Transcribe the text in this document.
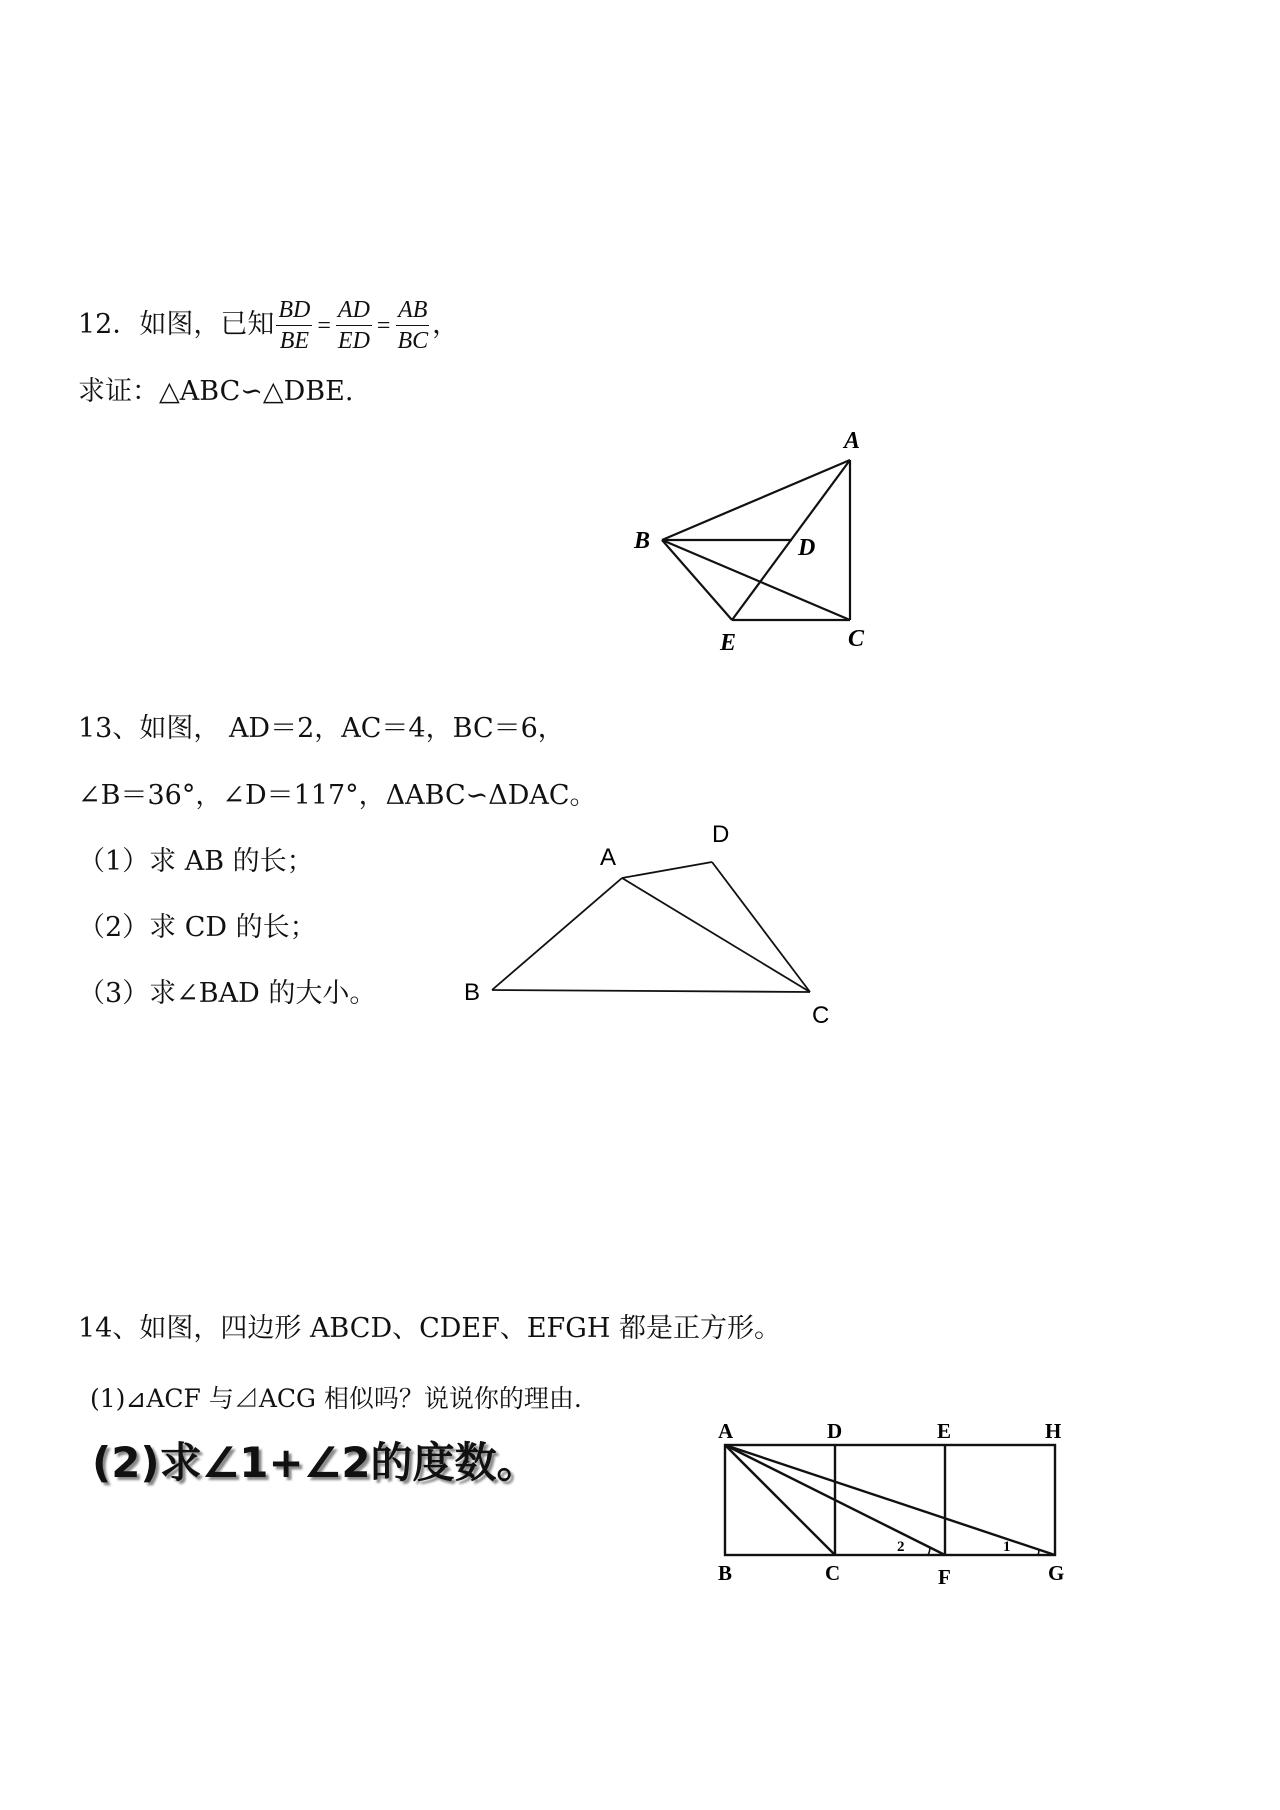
12．如图，已知 $\frac{BD}{BE} = \frac{AD}{ED} = \frac{AB}{BC}$ ，
求证：△ABC∽△DBE.
A
B	D
E	C
13、如图， AD＝2，AC＝4，BC＝6，
∠B＝36°，∠D＝117°，ΔABC∽ΔDAC。
（1）求 AB 的长；
（2）求 CD 的长；
（3）求∠BAD 的大小。
A
D
B
C
14、如图，四边形 ABCD、CDEF、EFGH 都是正方形。
(1)⊿ACF 与⊿ACG 相似吗？说说你的理由.
(2)求∠1+∠2的度数。
A	D	E	H
B	C	F	G
2	1
